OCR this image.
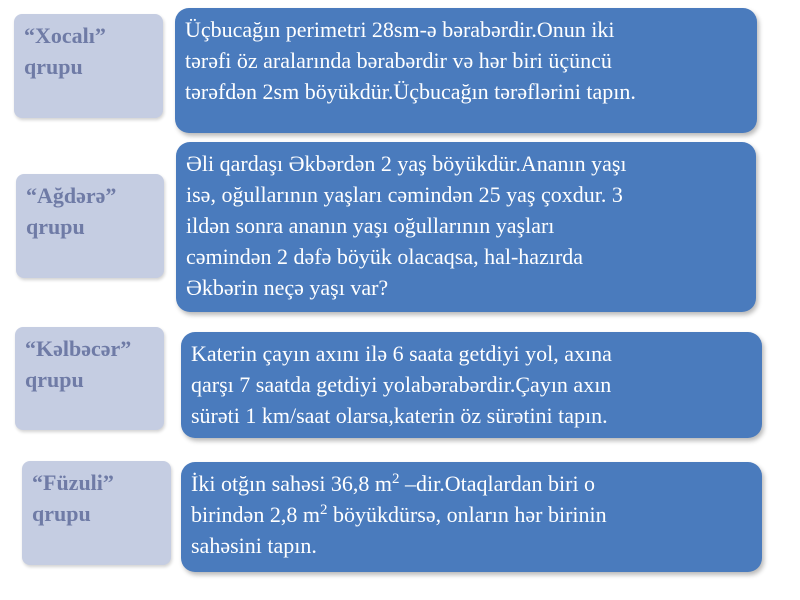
“Xocalı”
qrupu
Üçbucağın perimetri 28sm-ə bərabərdir.Onun iki
tərəfi öz aralarında bərabərdir və hər biri üçüncü
tərəfdən 2sm böyükdür.Üçbucağın tərəflərini tapın.
“Ağdərə”
qrupu
Əli qardaşı Əkbərdən 2 yaş böyükdür.Ananın yaşı
isə, oğullarının yaşları cəmindən 25 yaş çoxdur. 3
ildən sonra ananın yaşı oğullarının yaşları
cəmindən 2 dəfə böyük olacaqsa, hal-hazırda
Əkbərin neçə yaşı var?
“Kəlbəcər”
qrupu
Katerin çayın axını ilə 6 saata getdiyi yol, axına
qarşı 7 saatda getdiyi yolabərabərdir.Çayın axın
sürəti 1 km/saat olarsa,katerin öz sürətini tapın.
“Füzuli”
qrupu
İki otğın sahəsi 36,8 $m^2$ –dir.Otaqlardan biri o
birindən 2,8 $m^2$ böyükdürsə, onların hər birinin
sahəsini tapın.
